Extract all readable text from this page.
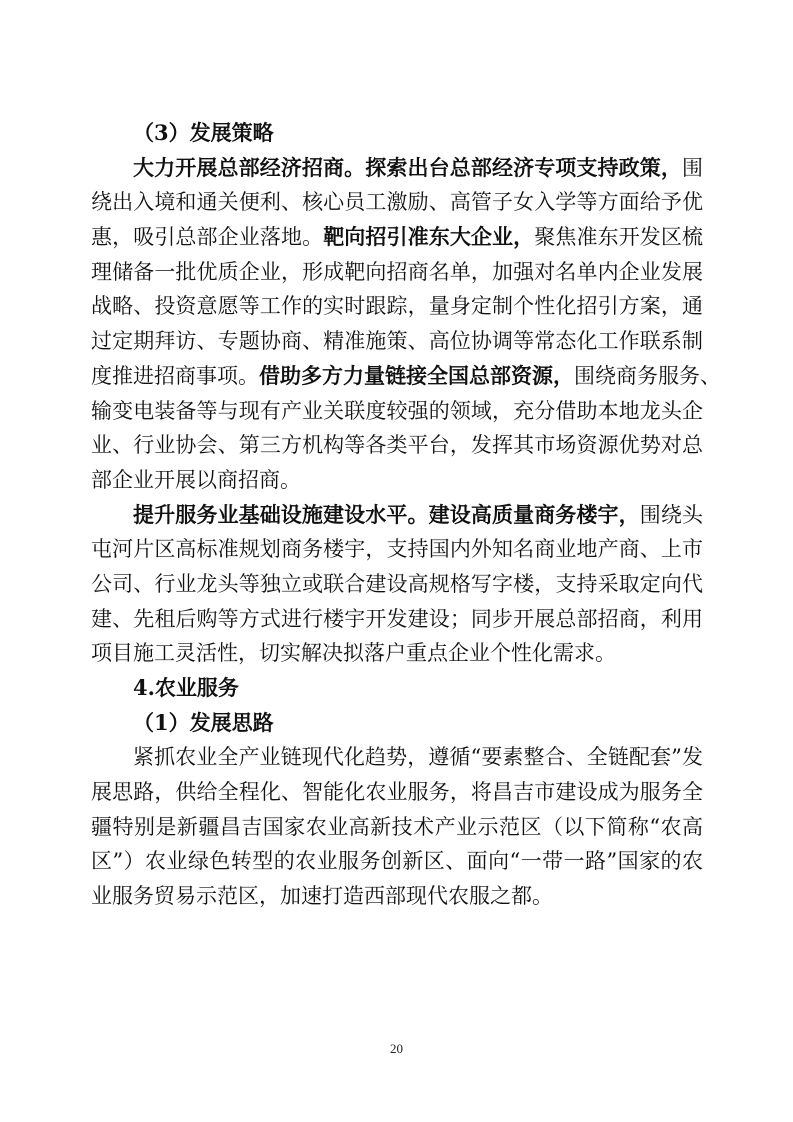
（3）发展策略
大力开展总部经济招商。探索出台总部经济专项支持政策，围
绕出入境和通关便利、核心员工激励、高管子女入学等方面给予优
惠，吸引总部企业落地。靶向招引准东大企业，聚焦准东开发区梳
理储备一批优质企业，形成靶向招商名单，加强对名单内企业发展
战略、投资意愿等工作的实时跟踪，量身定制个性化招引方案，通
过定期拜访、专题协商、精准施策、高位协调等常态化工作联系制
度推进招商事项。借助多方力量链接全国总部资源，围绕商务服务、
输变电装备等与现有产业关联度较强的领域，充分借助本地龙头企
业、行业协会、第三方机构等各类平台，发挥其市场资源优势对总
部企业开展以商招商。
提升服务业基础设施建设水平。建设高质量商务楼宇，围绕头
屯河片区高标准规划商务楼宇，支持国内外知名商业地产商、上市
公司、行业龙头等独立或联合建设高规格写字楼，支持采取定向代
建、先租后购等方式进行楼宇开发建设；同步开展总部招商，利用
项目施工灵活性，切实解决拟落户重点企业个性化需求。
4.农业服务
（1）发展思路
紧抓农业全产业链现代化趋势，遵循“要素整合、全链配套”发
展思路，供给全程化、智能化农业服务，将昌吉市建设成为服务全
疆特别是新疆昌吉国家农业高新技术产业示范区（以下简称“农高
区”）农业绿色转型的农业服务创新区、面向“一带一路”国家的农
业服务贸易示范区，加速打造西部现代农服之都。
20
